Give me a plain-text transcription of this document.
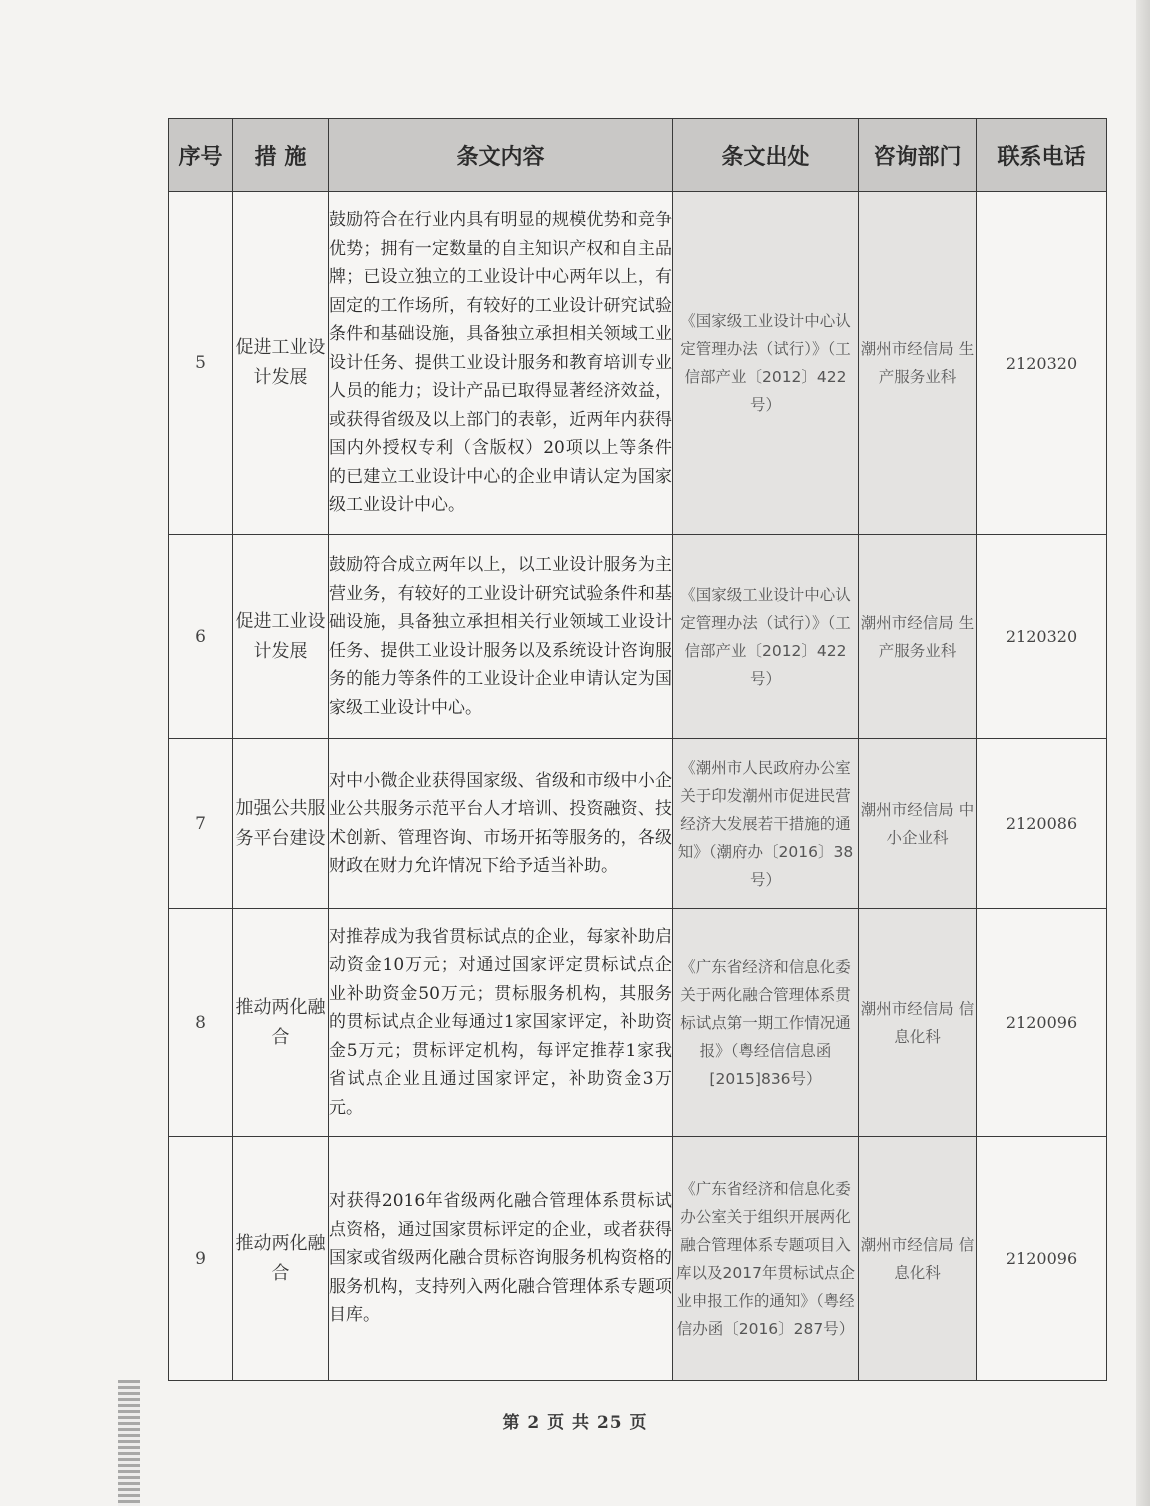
序号	措 施	条文内容	条文出处	咨询部门	联系电话
5	促进工业设计发展	鼓励符合在行业内具有明显的规模优势和竞争优势；拥有一定数量的自主知识产权和自主品牌；已设立独立的工业设计中心两年以上，有固定的工作场所，有较好的工业设计研究试验条件和基础设施，具备独立承担相关领域工业设计任务、提供工业设计服务和教育培训专业人员的能力；设计产品已取得显著经济效益，或获得省级及以上部门的表彰，近两年内获得国内外授权专利（含版权）20项以上等条件的已建立工业设计中心的企业申请认定为国家级工业设计中心。	《国家级工业设计中心认定管理办法（试行）》（工信部产业〔2012〕422号）	潮州市经信局 生产服务业科	2120320
6	促进工业设计发展	鼓励符合成立两年以上，以工业设计服务为主营业务，有较好的工业设计研究试验条件和基础设施，具备独立承担相关行业领域工业设计任务、提供工业设计服务以及系统设计咨询服务的能力等条件的工业设计企业申请认定为国家级工业设计中心。	《国家级工业设计中心认定管理办法（试行）》（工信部产业〔2012〕422号）	潮州市经信局 生产服务业科	2120320
7	加强公共服务平台建设	对中小微企业获得国家级、省级和市级中小企业公共服务示范平台人才培训、投资融资、技术创新、管理咨询、市场开拓等服务的，各级财政在财力允许情况下给予适当补助。	《潮州市人民政府办公室关于印发潮州市促进民营经济大发展若干措施的通知》（潮府办〔2016〕38号）	潮州市经信局 中小企业科	2120086
8	推动两化融合	对推荐成为我省贯标试点的企业，每家补助启动资金10万元；对通过国家评定贯标试点企业补助资金50万元；贯标服务机构，其服务的贯标试点企业每通过1家国家评定，补助资金5万元；贯标评定机构，每评定推荐1家我省试点企业且通过国家评定，补助资金3万元。	《广东省经济和信息化委关于两化融合管理体系贯标试点第一期工作情况通报》（粤经信信息函[2015]836号）	潮州市经信局 信息化科	2120096
9	推动两化融合	对获得2016年省级两化融合管理体系贯标试点资格，通过国家贯标评定的企业，或者获得国家或省级两化融合贯标咨询服务机构资格的服务机构，支持列入两化融合管理体系专题项目库。	《广东省经济和信息化委办公室关于组织开展两化融合管理体系专题项目入库以及2017年贯标试点企业申报工作的通知》（粤经信办函〔2016〕287号）	潮州市经信局 信息化科	2120096
第 2 页 共 25 页
